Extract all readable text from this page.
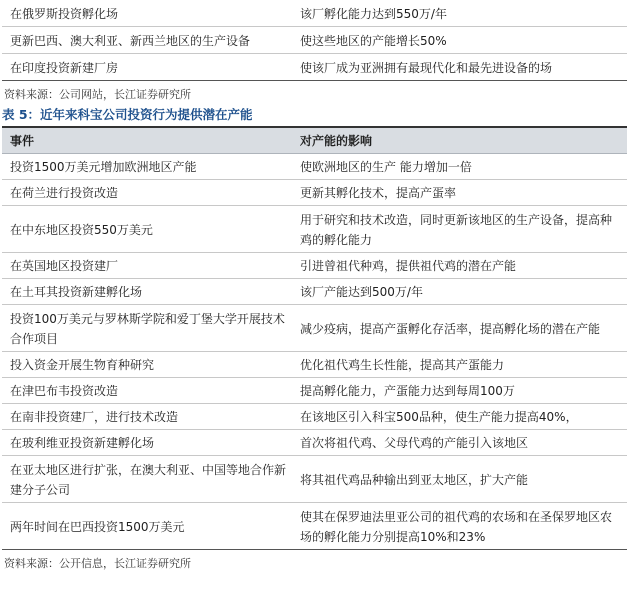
在俄罗斯投资孵化场	该厂孵化能力达到550万/年
更新巴西、澳大利亚、新西兰地区的生产设备	使这些地区的产能增长50%
在印度投资新建厂房	使该厂成为亚洲拥有最现代化和最先进设备的场
资料来源：公司网站，长江证券研究所
表 5：近年来科宝公司投资行为提供潜在产能
事件	对产能的影响
投资1500万美元增加欧洲地区产能	使欧洲地区的生产 能力增加一倍
在荷兰进行投资改造	更新其孵化技术，提高产蛋率
在中东地区投资550万美元	用于研究和技术改造，同时更新该地区的生产设备，提高种鸡的孵化能力
在英国地区投资建厂	引进曾祖代种鸡，提供祖代鸡的潜在产能
在土耳其投资新建孵化场	该厂产能达到500万/年
投资100万美元与罗林斯学院和爱丁堡大学开展技术合作项目	减少疫病，提高产蛋孵化存活率，提高孵化场的潜在产能
投入资金开展生物育种研究	优化祖代鸡生长性能，提高其产蛋能力
在津巴布韦投资改造	提高孵化能力，产蛋能力达到每周100万
在南非投资建厂，进行技术改造	在该地区引入科宝500品种，使生产能力提高40%，
在玻利维亚投资新建孵化场	首次将祖代鸡、父母代鸡的产能引入该地区
在亚太地区进行扩张，在澳大利亚、中国等地合作新建分子公司	将其祖代鸡品种输出到亚太地区，扩大产能
两年时间在巴西投资1500万美元	使其在保罗迪法里亚公司的祖代鸡的农场和在圣保罗地区农场的孵化能力分别提高10%和23%
资料来源：公开信息，长江证券研究所
